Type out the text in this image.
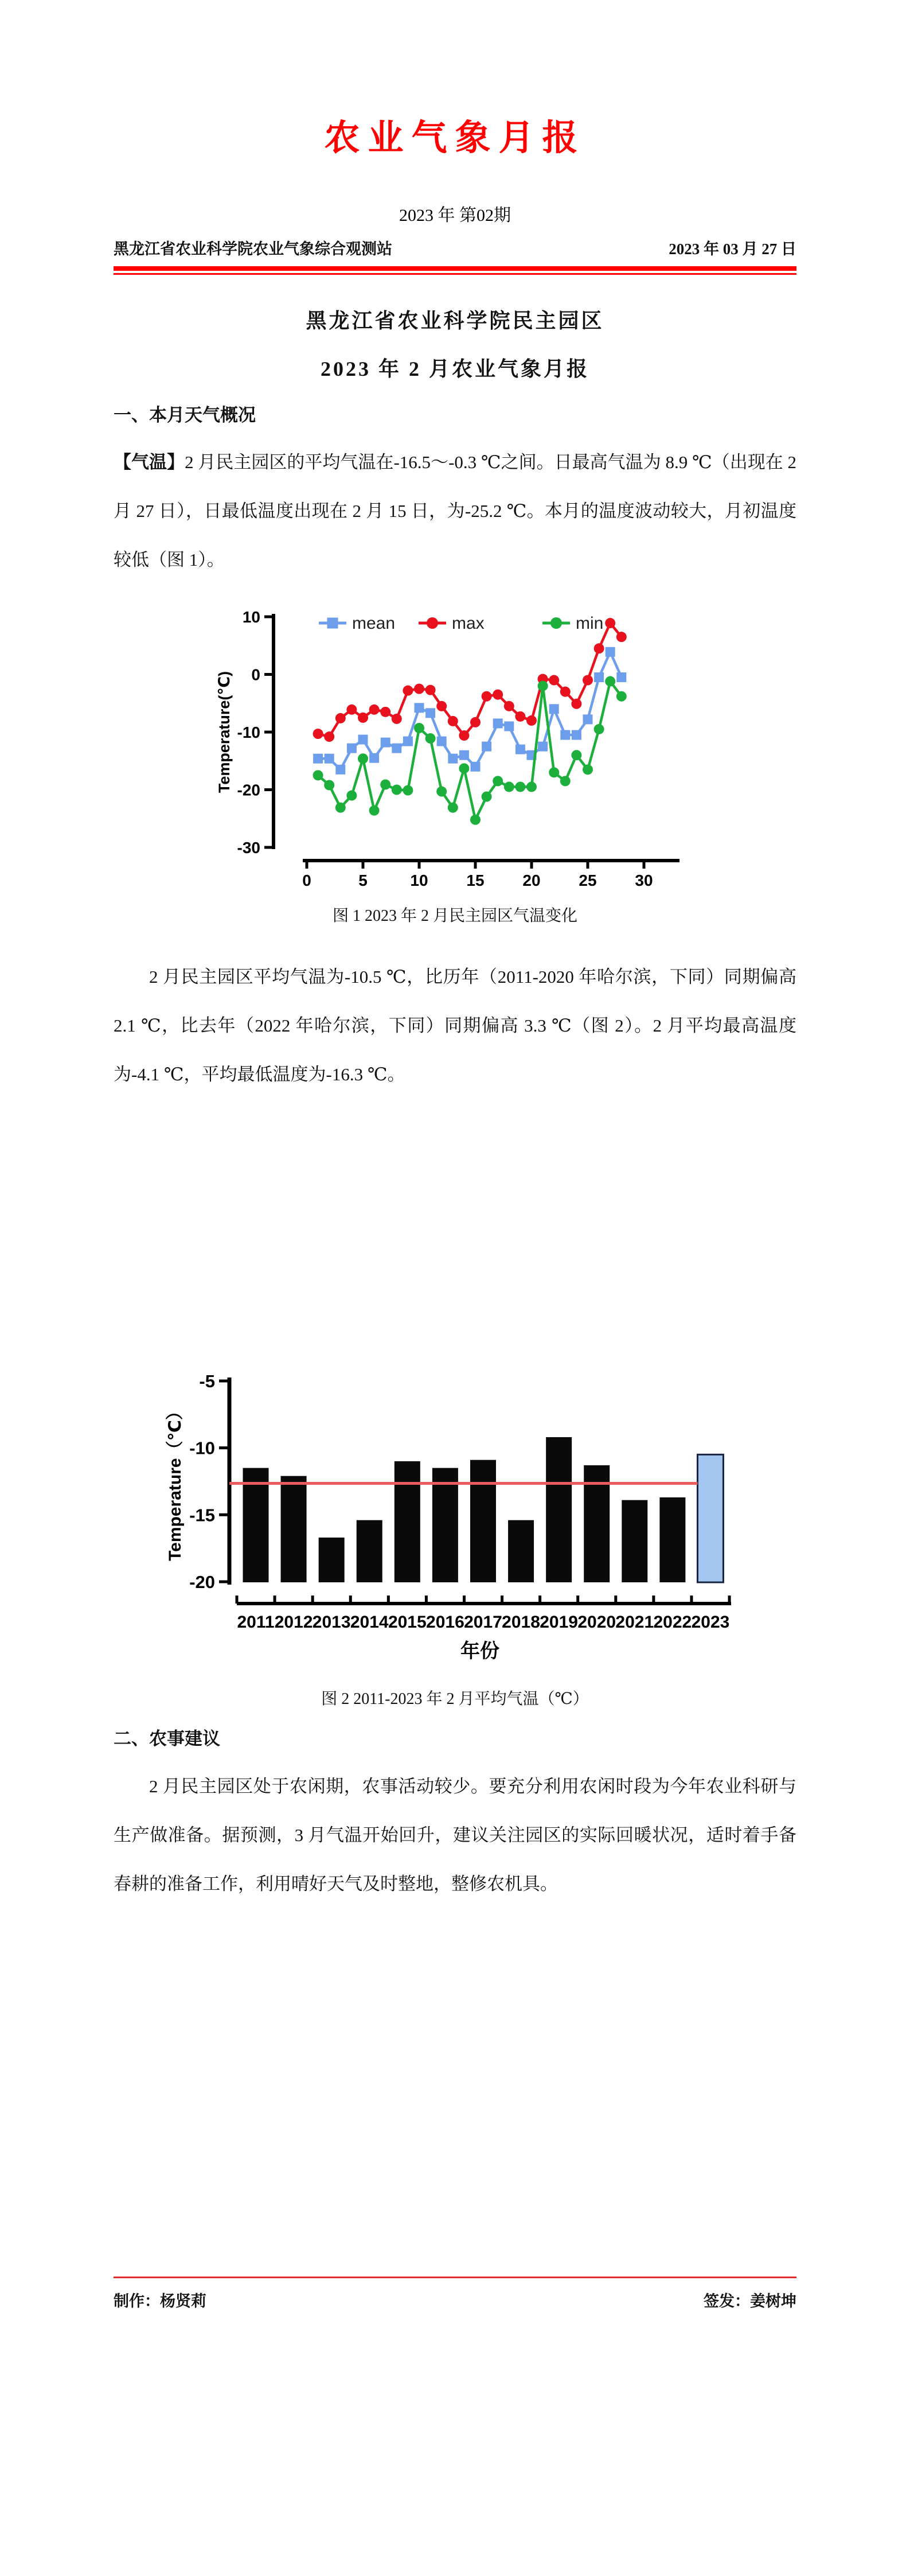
农业气象月报
2023 年 第02期
黑龙江省农业科学院农业气象综合观测站	2023 年 03 月 27 日
黑龙江省农业科学院民主园区
2023 年 2 月农业气象月报
一、本月天气概况

【气温】2 月民主园区的平均气温在-16.5～-0.3 ℃之间。日最高气温为 8.9 ℃（出现在 2 月 27 日），日最低温度出现在 2 月 15 日，为-25.2 ℃。本月的温度波动较大，月初温度较低（图 1）。

10
0
-10
-20
-30
Temperature(℃)
0	5	10 15 20 25 30
mean	max	min
图 1 2023 年 2 月民主园区气温变化

2 月民主园区平均气温为-10.5 ℃，比历年（2011-2020 年哈尔滨，下同）同期偏高 2.1 ℃，比去年（2022 年哈尔滨，下同）同期偏高 3.3 ℃（图 2）。2 月平均最高温度为-4.1 ℃，平均最低温度为-16.3 ℃。

-5
-10
-15
-20
Temperature（℃）
2011 2012 2013 2014 2015 2016 2017 2018 2019 2020 2021 2022 2023
年份
图 2 2011-2023 年 2 月平均气温（℃）
二、农事建议

2 月民主园区处于农闲期，农事活动较少。要充分利用农闲时段为今年农业科研与生产做准备。据预测，3 月气温开始回升，建议关注园区的实际回暖状况，适时着手备春耕的准备工作，利用晴好天气及时整地，整修农机具。

制作：杨贤莉	签发：姜树坤
